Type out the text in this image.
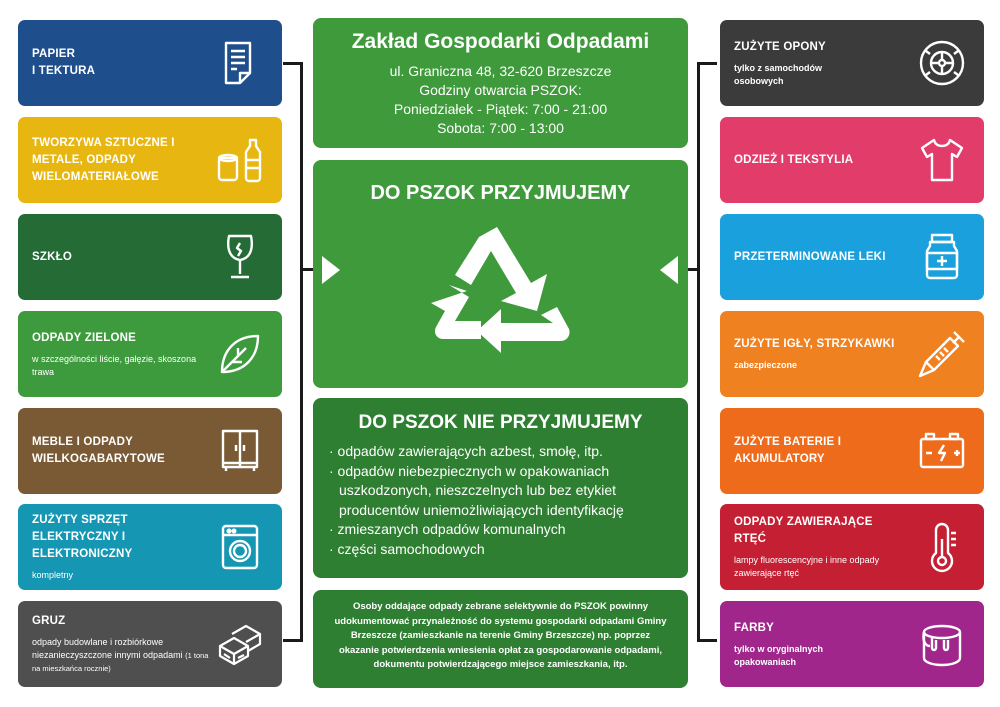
PAPIER
I TEKTURA
TWORZYWA SZTUCZNE I METALE, ODPADY WIELOMATERIAŁOWE
SZKŁO
ODPADY ZIELONE
w szczególności liście, gałęzie, skoszona trawa
MEBLE I ODPADY WIELKOGABARYTOWE
ZUŻYTY SPRZĘT ELEKTRYCZNY I ELEKTRONICZNY
kompletny
GRUZ
odpady budowlane i rozbiórkowe niezanieczyszczone innymi odpadami (1 tona na mieszkańca rocznie)
Zakład Gospodarki Odpadami
ul. Graniczna 48, 32-620 Brzeszcze
Godziny otwarcia PSZOK:
Poniedziałek - Piątek: 7:00 - 21:00
Sobota: 7:00 - 13:00
DO PSZOK PRZYJMUJEMY
DO PSZOK NIE PRZYJMUJEMY
· odpadów zawierających azbest, smołę, itp.
· odpadów niebezpiecznych w opakowaniach uszkodzonych, nieszczelnych lub bez etykiet producentów uniemożliwiających identyfikację
· zmieszanych odpadów komunalnych
· części samochodowych
Osoby oddające odpady zebrane selektywnie do PSZOK powinny udokumentować przynależność do systemu gospodarki odpadami Gminy Brzeszcze (zamieszkanie na terenie Gminy Brzeszcze) np. poprzez okazanie potwierdzenia wniesienia opłat za gospodarowanie odpadami, dokumentu potwierdzającego miejsce zamieszkania, itp.
ZUŻYTE OPONY
tylko z samochodów osobowych
ODZIEŻ I TEKSTYLIA
PRZETERMINOWANE LEKI
ZUŻYTE IGŁY, STRZYKAWKI
zabezpieczone
ZUŻYTE BATERIE I AKUMULATORY
ODPADY ZAWIERAJĄCE RTĘĆ
lampy fluorescencyjne i inne odpady zawierające rtęć
FARBY
tylko w oryginalnych opakowaniach
